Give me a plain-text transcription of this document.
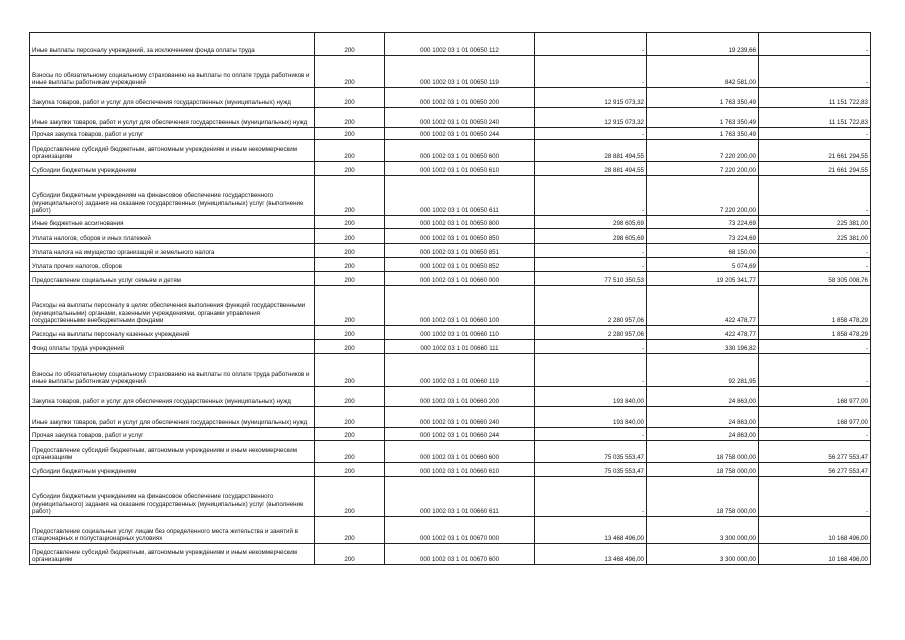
Иные выплаты персоналу учреждений, за исключением фонда оплаты труда	200	000 1002 03 1 01 00650 112	-	19 239,66	-
Взносы по обязательному социальному страхованию на выплаты по оплате труда работников и иные выплаты работникам учреждений	200	000 1002 03 1 01 00650 119	-	842 581,00	-
Закупка товаров, работ и услуг для обеспечения государственных (муниципальных) нужд	200	000 1002 03 1 01 00650 200	12 915 073,32	1 763 350,49	11 151 722,83
Иные закупки товаров, работ и услуг для обеспечения государственных (муниципальных) нужд	200	000 1002 03 1 01 00650 240	12 915 073,32	1 763 350,49	11 151 722,83
Прочая закупка товаров, работ и услуг	200	000 1002 03 1 01 00650 244	-	1 763 350,49	-
Предоставление субсидий бюджетным, автономным учреждениям и иным некоммерческим организациям	200	000 1002 03 1 01 00650 600	28 881 494,55	7 220 200,00	21 661 294,55
Субсидии бюджетным учреждениям	200	000 1002 03 1 01 00650 610	28 881 494,55	7 220 200,00	21 661 294,55
Субсидии бюджетным учреждениям на финансовое обеспечение государственного (муниципального) задания на оказание государственных (муниципальных) услуг (выполнение работ)	200	000 1002 03 1 01 00650 611	-	7 220 200,00	-
Иные бюджетные ассигнования	200	000 1002 03 1 01 00650 800	298 605,69	73 224,69	225 381,00
Уплата налогов, сборов и иных платежей	200	000 1002 03 1 01 00650 850	298 605,69	73 224,69	225 381,00
Уплата налога на имущество организаций и земельного налога	200	000 1002 03 1 01 00650 851	-	68 150,00	-
Уплата прочих налогов, сборов	200	000 1002 03 1 01 00650 852	-	5 074,69	-
Предоставление социальных услуг семьям и детям	200	000 1002 03 1 01 00660 000	77 510 350,53	19 205 341,77	58 305 008,76
Расходы на выплаты персоналу в целях обеспечения выполнения функций государственными (муниципальными) органами, казенными учреждениями, органами управления государственными внебюджетными фондами	200	000 1002 03 1 01 00660 100	2 280 957,06	422 478,77	1 858 478,29
Расходы на выплаты персоналу казенных учреждений	200	000 1002 03 1 01 00660 110	2 280 957,06	422 478,77	1 858 478,29
Фонд оплаты труда учреждений	200	000 1002 03 1 01 00660 111	-	330 196,82	-
Взносы по обязательному социальному страхованию на выплаты по оплате труда работников и иные выплаты работникам учреждений	200	000 1002 03 1 01 00660 119	-	92 281,95	-
Закупка товаров, работ и услуг для обеспечения государственных (муниципальных) нужд	200	000 1002 03 1 01 00660 200	193 840,00	24 863,00	168 977,00
Иные закупки товаров, работ и услуг для обеспечения государственных (муниципальных) нужд	200	000 1002 03 1 01 00660 240	193 840,00	24 863,00	168 977,00
Прочая закупка товаров, работ и услуг	200	000 1002 03 1 01 00660 244	-	24 863,00	-
Предоставление субсидий бюджетным, автономным учреждениям и иным некоммерческим организациям	200	000 1002 03 1 01 00660 600	75 035 553,47	18 758 000,00	56 277 553,47
Субсидии бюджетным учреждениям	200	000 1002 03 1 01 00660 610	75 035 553,47	18 758 000,00	56 277 553,47
Субсидии бюджетным учреждениям на финансовое обеспечение государственного (муниципального) задания на оказание государственных (муниципальных) услуг (выполнение работ)	200	000 1002 03 1 01 00660 611	-	18 758 000,00	-
Предоставление социальных услуг лицам без определенного места жительства и занятий в стационарных и полустационарных условиях	200	000 1002 03 1 01 00670 000	13 468 496,00	3 300 000,00	10 168 496,00
Предоставление субсидий бюджетным, автономным учреждениям и иным некоммерческим организациям	200	000 1002 03 1 01 00670 600	13 468 496,00	3 300 000,00	10 168 496,00
